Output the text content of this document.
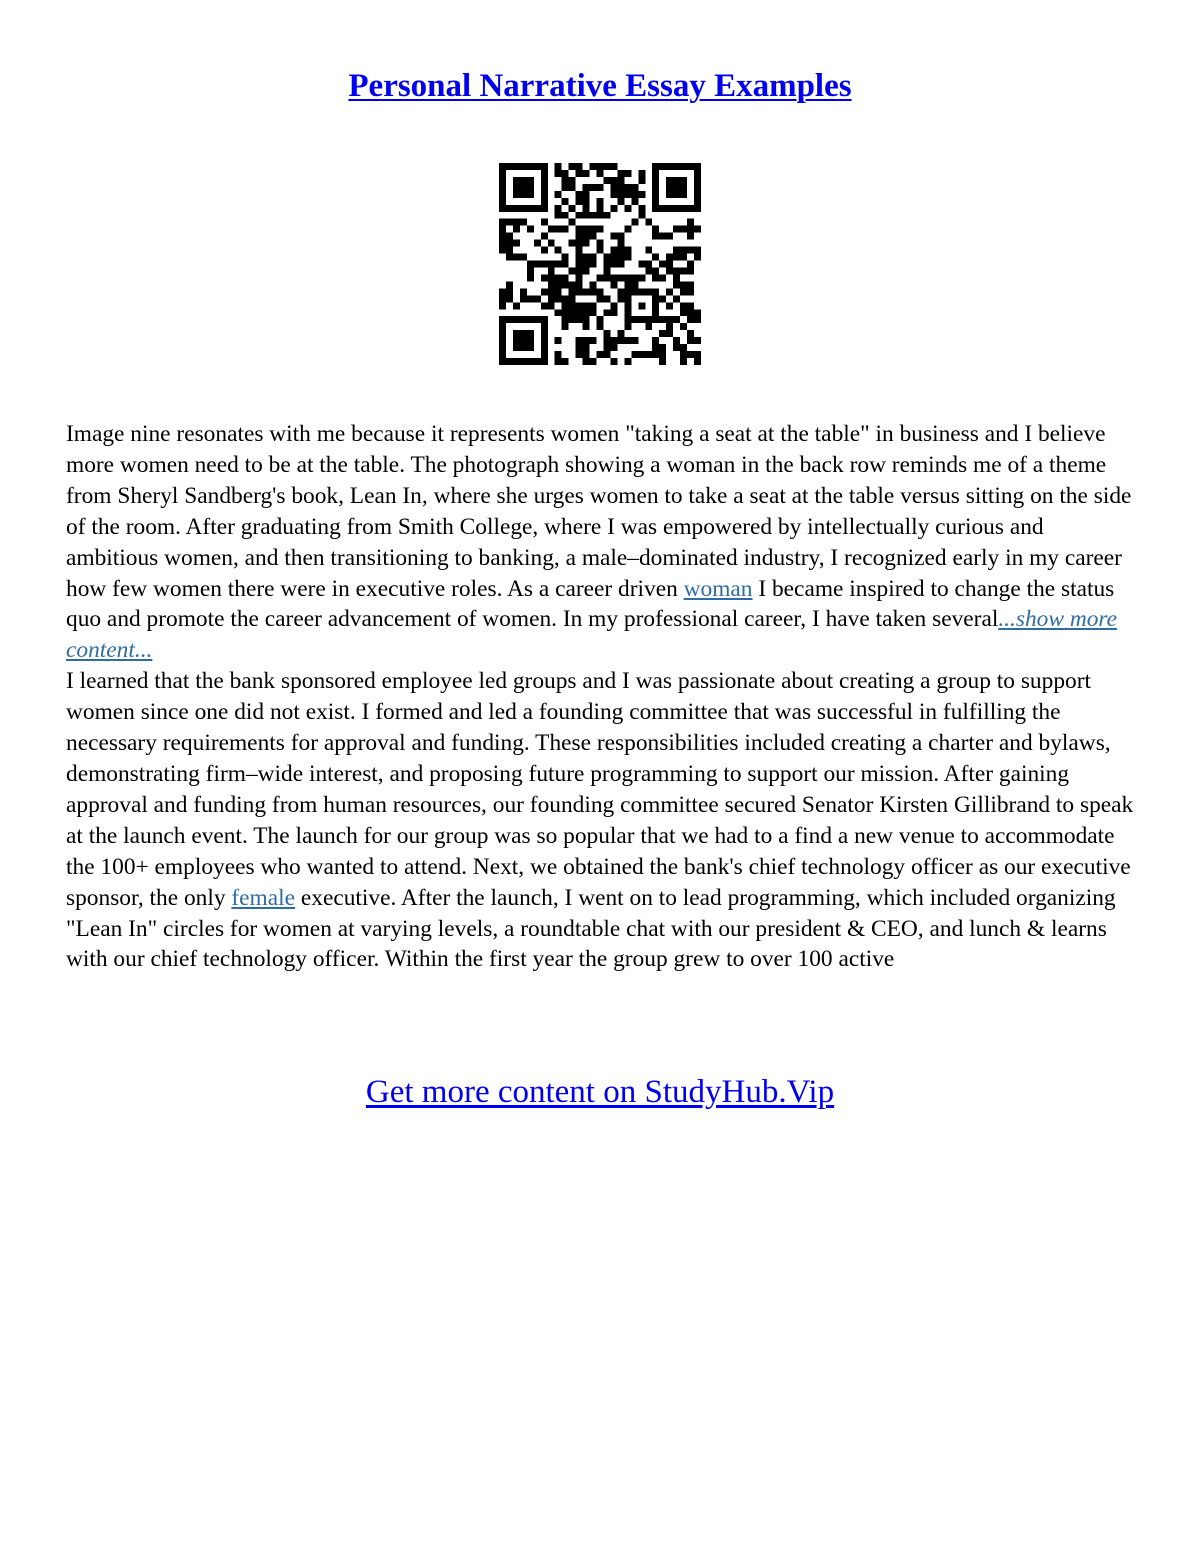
Personal Narrative Essay Examples

Image nine resonates with me because it represents women "taking a seat at the table" in business and I believe more women need to be at the table. The photograph showing a woman in the back row reminds me of a theme from Sheryl Sandberg's book, Lean In, where she urges women to take a seat at the table versus sitting on the side of the room. After graduating from Smith College, where I was empowered by intellectually curious and ambitious women, and then transitioning to banking, a male–dominated industry, I recognized early in my career how few women there were in executive roles. As a career driven woman I became inspired to change the status quo and promote the career advancement of women. In my professional career, I have taken several...show more content...

I learned that the bank sponsored employee led groups and I was passionate about creating a group to support women since one did not exist. I formed and led a founding committee that was successful in fulfilling the necessary requirements for approval and funding. These responsibilities included creating a charter and bylaws, demonstrating firm–wide interest, and proposing future programming to support our mission. After gaining approval and funding from human resources, our founding committee secured Senator Kirsten Gillibrand to speak at the launch event. The launch for our group was so popular that we had to a find a new venue to accommodate the 100+ employees who wanted to attend. Next, we obtained the bank's chief technology officer as our executive sponsor, the only female executive. After the launch, I went on to lead programming, which included organizing "Lean In" circles for women at varying levels, a roundtable chat with our president & CEO, and lunch & learns with our chief technology officer. Within the first year the group grew to over 100 active

Get more content on StudyHub.Vip
